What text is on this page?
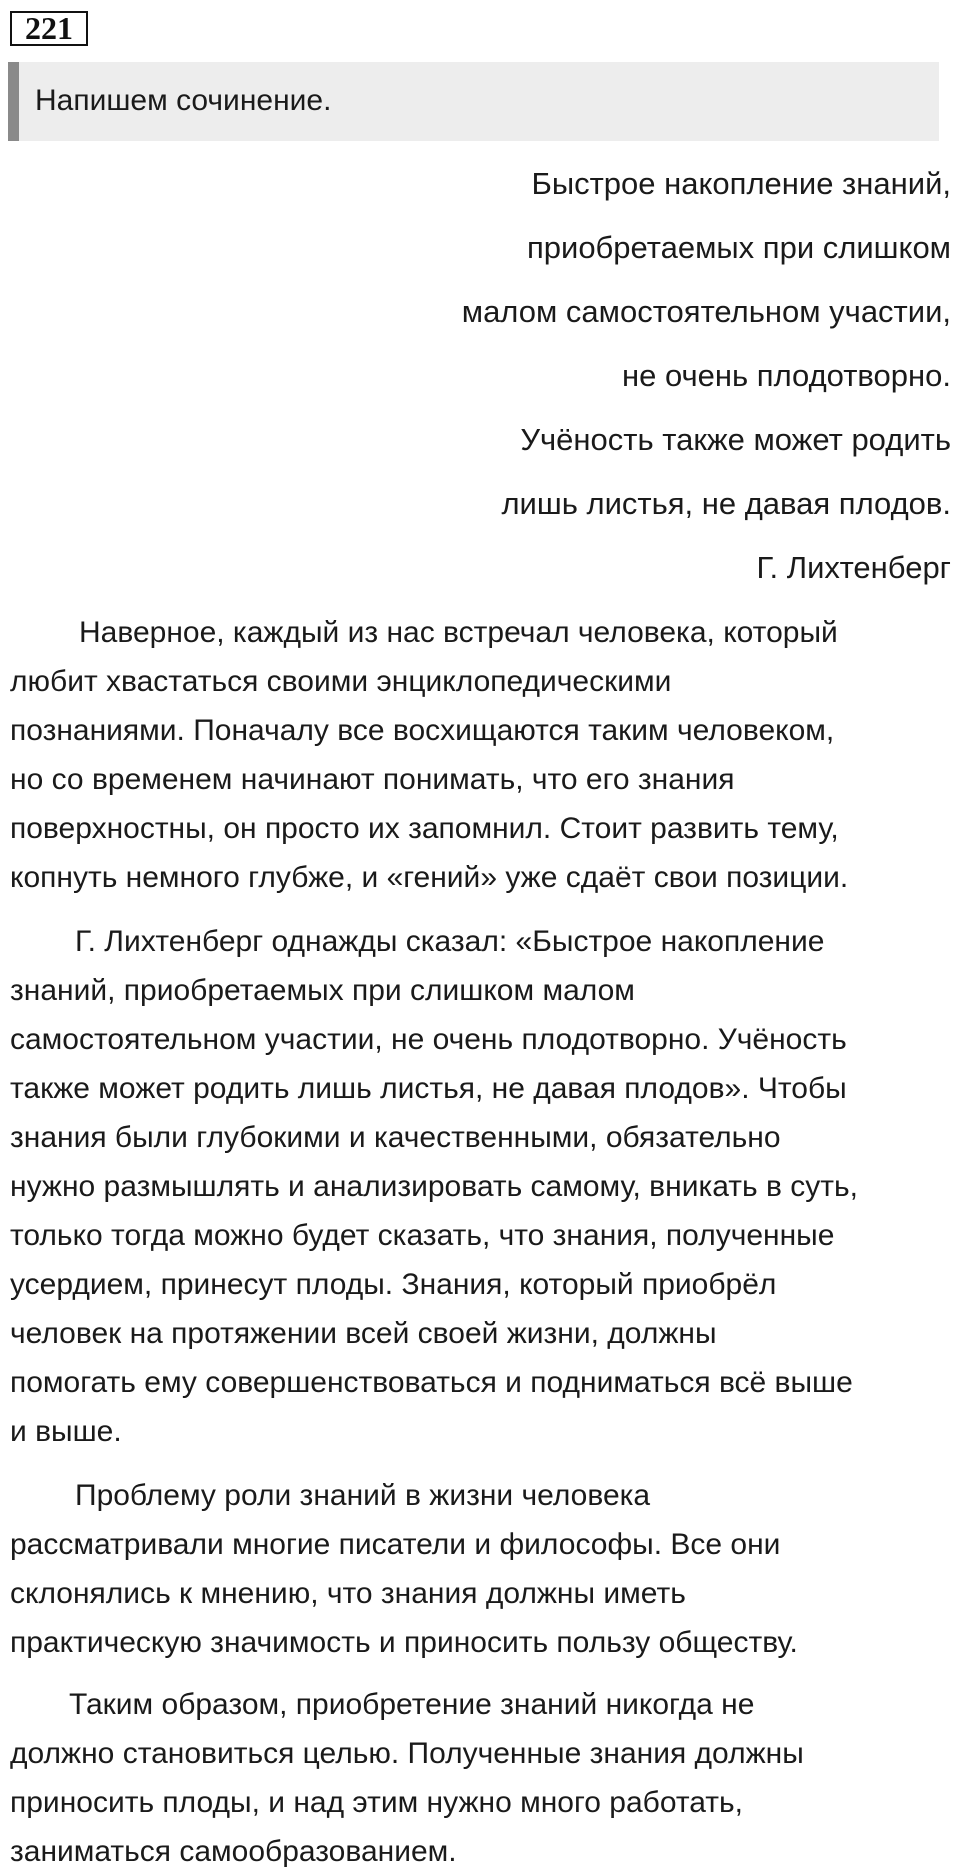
221
Напишем сочинение.
Быстрое накопление знаний,
приобретаемых при слишком
малом самостоятельном участии,
не очень плодотворно.
Учёность также может родить
лишь листья, не давая плодов.
Г. Лихтенберг
Наверное, каждый из нас встречал человека, который
любит хвастаться своими энциклопедическими
познаниями. Поначалу все восхищаются таким человеком,
но со временем начинают понимать, что его знания
поверхностны, он просто их запомнил. Стоит развить тему,
копнуть немного глубже, и «гений» уже сдаёт свои позиции.
Г. Лихтенберг однажды сказал: «Быстрое накопление
знаний, приобретаемых при слишком малом
самостоятельном участии, не очень плодотворно. Учёность
также может родить лишь листья, не давая плодов». Чтобы
знания были глубокими и качественными, обязательно
нужно размышлять и анализировать самому, вникать в суть,
только тогда можно будет сказать, что знания, полученные
усердием, принесут плоды. Знания, который приобрёл
человек на протяжении всей своей жизни, должны
помогать ему совершенствоваться и подниматься всё выше
и выше.
Проблему роли знаний в жизни человека
рассматривали многие писатели и философы. Все они
склонялись к мнению, что знания должны иметь
практическую значимость и приносить пользу обществу.
Таким образом, приобретение знаний никогда не
должно становиться целью. Полученные знания должны
приносить плоды, и над этим нужно много работать,
заниматься самообразованием.
